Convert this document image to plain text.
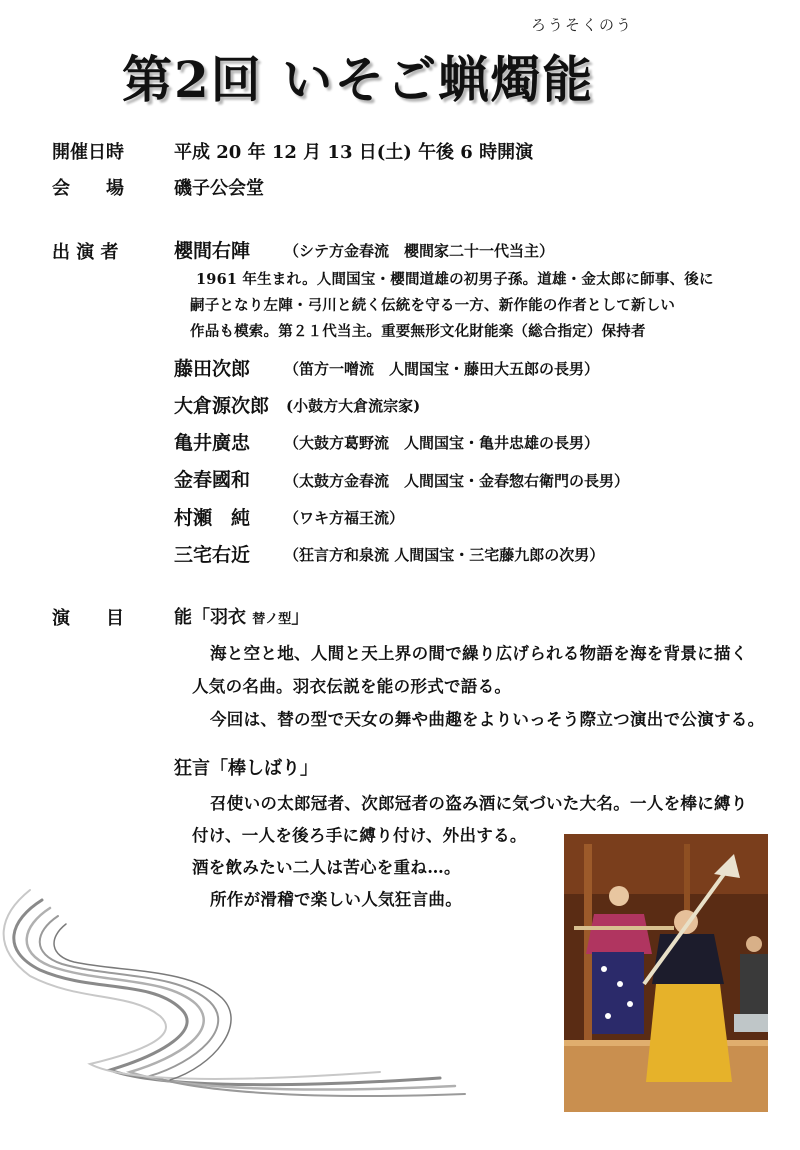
ろうそくのう
第2回 いそご蝋燭能
開催日時	平成 20 年 12 月 13 日(土) 午後 6 時開演
会　　場	磯子公会堂
出 演 者	櫻間右陣 （シテ方金春流　櫻間家二十一代当主）
1961 年生まれ。人間国宝・櫻間道雄の初男子孫。道雄・金太郎に師事、後に
嗣子となり左陣・弓川と続く伝統を守る一方、新作能の作者として新しい
作品も模索。第２１代当主。重要無形文化財能楽（総合指定）保持者
藤田次郎 （笛方一噌流　人間国宝・藤田大五郎の長男）
大倉源次郎 (小鼓方大倉流宗家)
亀井廣忠 （大鼓方葛野流　人間国宝・亀井忠雄の長男）
金春國和 （太鼓方金春流　人間国宝・金春惣右衛門の長男）
村瀬　純 （ワキ方福王流）
三宅右近 （狂言方和泉流 人間国宝・三宅藤九郎の次男）
演　　目	能「羽衣 替ノ型」
海と空と地、人間と天上界の間で繰り広げられる物語を海を背景に描く
人気の名曲。羽衣伝説を能の形式で語る。
今回は、替の型で天女の舞や曲趣をよりいっそう際立つ演出で公演する。
狂言「棒しばり」
召使いの太郎冠者、次郎冠者の盗み酒に気づいた大名。一人を棒に縛り
付け、一人を後ろ手に縛り付け、外出する。
酒を飲みたい二人は苦心を重ね…。
所作が滑稽で楽しい人気狂言曲。
